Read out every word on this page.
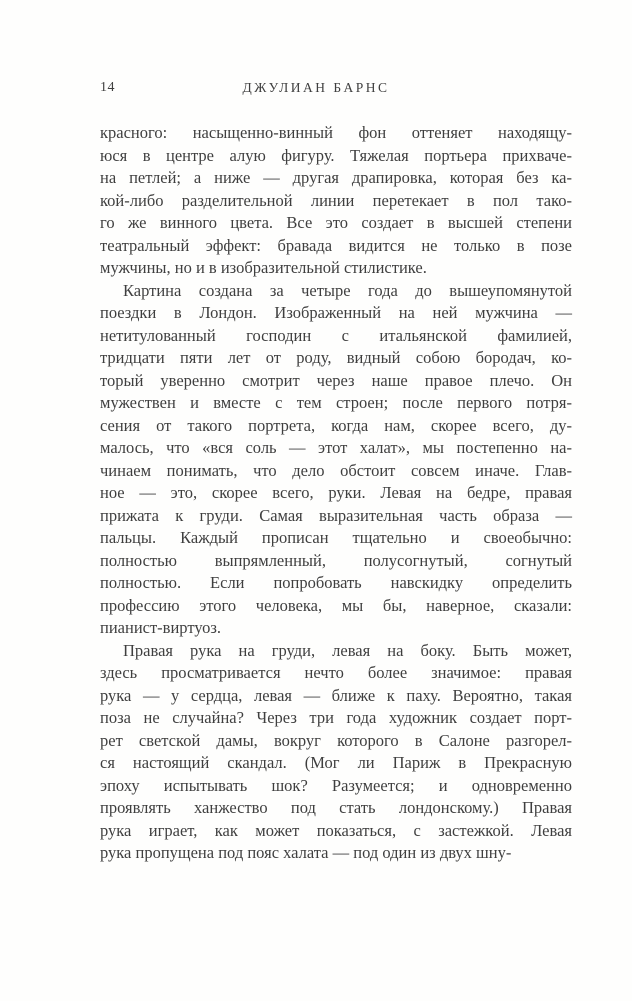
14	ДЖУЛИАН БАРНС
красного: насыщенно-винный фон оттеняет находящу-
юся в центре алую фигуру. Тяжелая портьера прихваче-
на петлей; а ниже — другая драпировка, которая без ка-
кой-либо разделительной линии перетекает в пол тако-
го же винного цвета. Все это создает в высшей степени
театральный эффект: бравада видится не только в позе
мужчины, но и в изобразительной стилистике.
Картина создана за четыре года до вышеупомянутой
поездки в Лондон. Изображенный на ней мужчина —
нетитулованный господин с итальянской фамилией,
тридцати пяти лет от роду, видный собою бородач, ко-
торый уверенно смотрит через наше правое плечо. Он
мужествен и вместе с тем строен; после первого потря-
сения от такого портрета, когда нам, скорее всего, ду-
малось, что «вся соль — этот халат», мы постепенно на-
чинаем понимать, что дело обстоит совсем иначе. Глав-
ное — это, скорее всего, руки. Левая на бедре, правая
прижата к груди. Самая выразительная часть образа —
пальцы. Каждый прописан тщательно и своеобычно:
полностью выпрямленный, полусогнутый, согнутый
полностью. Если попробовать навскидку определить
профессию этого человека, мы бы, наверное, сказали:
пианист-виртуоз.
Правая рука на груди, левая на боку. Быть может,
здесь просматривается нечто более значимое: правая
рука — у сердца, левая — ближе к паху. Вероятно, такая
поза не случайна? Через три года художник создает порт-
рет светской дамы, вокруг которого в Салоне разгорел-
ся настоящий скандал. (Мог ли Париж в Прекрасную
эпоху испытывать шок? Разумеется; и одновременно
проявлять ханжество под стать лондонскому.) Правая
рука играет, как может показаться, с застежкой. Левая
рука пропущена под пояс халата — под один из двух шну-
